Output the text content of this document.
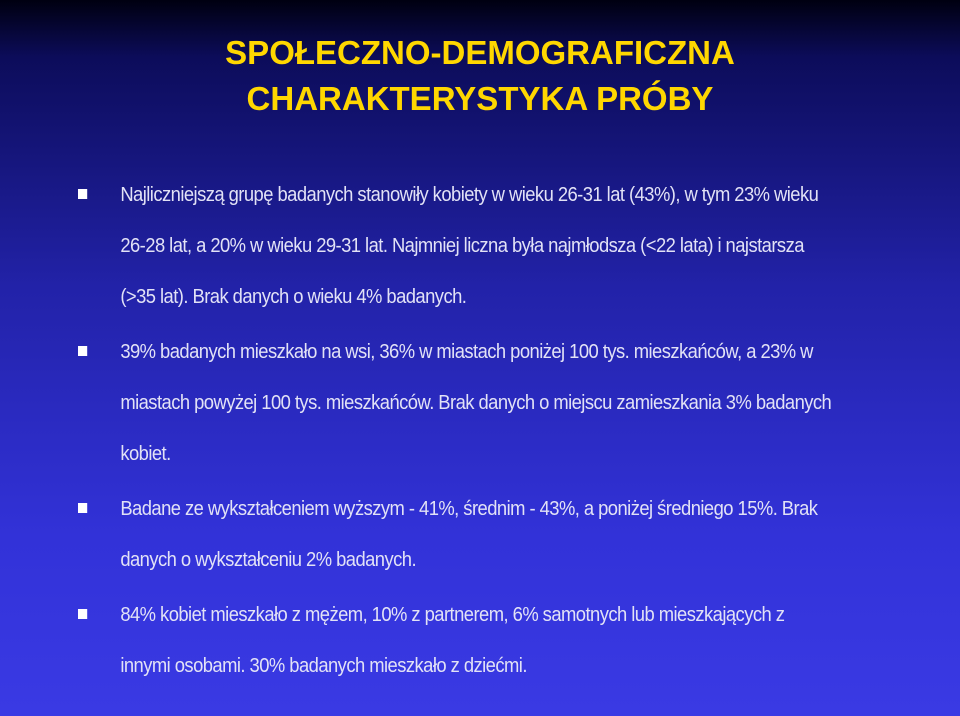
SPOŁECZNO-DEMOGRAFICZNA
CHARAKTERYSTYKA PRÓBY
Najliczniejszą grupę badanych stanowiły kobiety w wieku 26-31 lat (43%), w tym 23% wieku 26-28 lat, a 20% w wieku 29-31 lat. Najmniej liczna była najmłodsza (<22 lata) i najstarsza (>35 lat). Brak danych o wieku 4% badanych.
39% badanych mieszkało na wsi, 36% w miastach poniżej 100 tys. mieszkańców, a 23% w miastach powyżej 100 tys. mieszkańców. Brak danych o miejscu zamieszkania 3% badanych kobiet.
Badane ze wykształceniem wyższym - 41%, średnim - 43%, a poniżej średniego 15%. Brak danych o wykształceniu 2% badanych.
84% kobiet mieszkało z mężem, 10% z partnerem, 6% samotnych lub mieszkających z innymi osobami. 30% badanych mieszkało z dziećmi.
